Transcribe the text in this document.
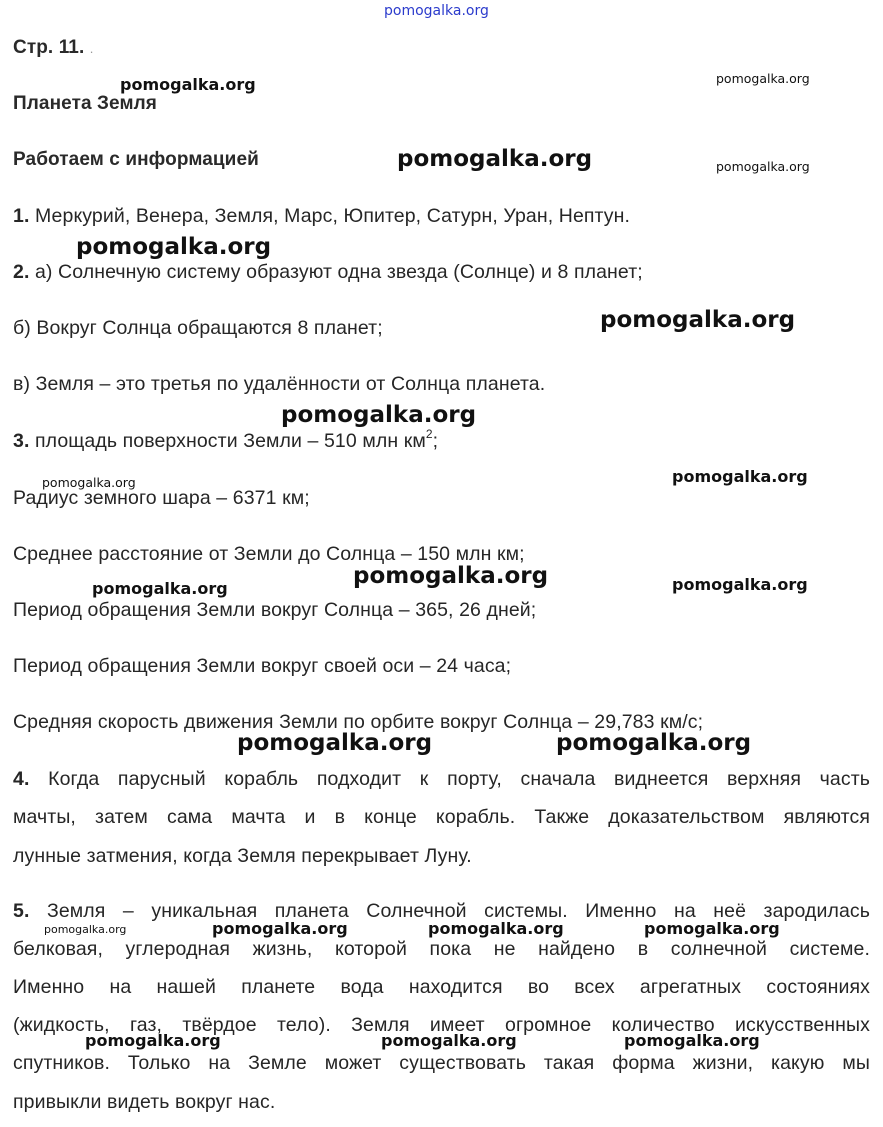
pomogalka.org
Стр. 11. .
Планета Земля
Работаем с информацией
1. Меркурий, Венера, Земля, Марс, Юпитер, Сатурн, Уран, Нептун.
2. а) Солнечную систему образуют одна звезда (Солнце) и 8 планет;
б) Вокруг Солнца обращаются 8 планет;
в) Земля – это третья по удалённости от Солнца планета.
3. площадь поверхности Земли – 510 млн $км^2$;
Радиус земного шара – 6371 км;
Среднее расстояние от Земли до Солнца – 150 млн км;
Период обращения Земли вокруг Солнца – 365, 26 дней;
Период обращения Земли вокруг своей оси – 24 часа;
Средняя скорость движения Земли по орбите вокруг Солнца – 29,783 км/с;
4. Когда парусный корабль подходит к порту, сначала виднеется верхняя часть
мачты, затем сама мачта и в конце корабль. Также доказательством являются
лунные затмения, когда Земля перекрывает Луну.
5. Земля – уникальная планета Солнечной системы. Именно на неё зародилась
белковая, углеродная жизнь, которой пока не найдено в солнечной системе.
Именно на нашей планете вода находится во всех агрегатных состояниях
(жидкость, газ, твёрдое тело). Земля имеет огромное количество искусственных
спутников. Только на Земле может существовать такая форма жизни, какую мы
привыкли видеть вокруг нас.
pomogalka.org	pomogalka.org
pomogalka.org	pomogalka.org
pomogalka.org
pomogalka.org
pomogalka.org
pomogalka.org	pomogalka.org
pomogalka.org
pomogalka.org	pomogalka.org
pomogalka.org	pomogalka.org
pomogalka.org	pomogalka.org	pomogalka.org	pomogalka.org
pomogalka.org	pomogalka.org	pomogalka.org
